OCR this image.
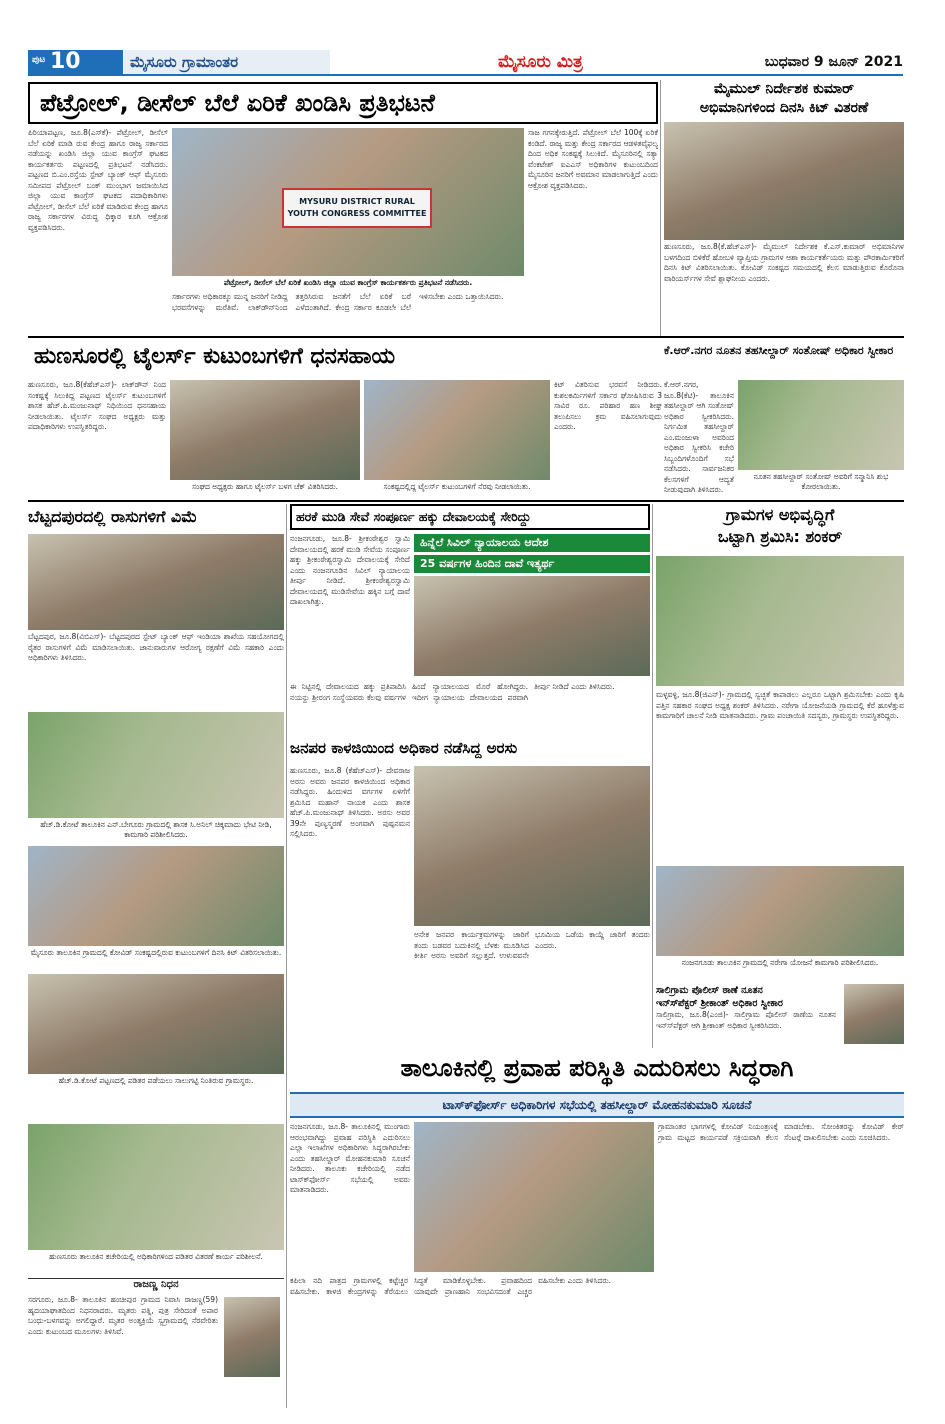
ಪುಟ 10	ಮೈಸೂರು ಗ್ರಾಮಾಂತರ	ಮೈಸೂರು ಮಿತ್ರ	ಬುಧವಾರ 9 ಜೂನ್ 2021
ಪೆಟ್ರೋಲ್, ಡೀಸೆಲ್ ಬೆಲೆ ಏರಿಕೆ ಖಂಡಿಸಿ ಪ್ರತಿಭಟನೆ
ಪಿರಿಯಾಪಟ್ಟಣ, ಜೂ.8(ಎಸ್‍ಕೆ)- ಪೆಟ್ರೋಲ್, ಡೀಸೆಲ್ ಬೆಲೆ ಏರಿಕೆ ಮಾಡಿ ರುವ ಕೇಂದ್ರ ಹಾಗೂ ರಾಜ್ಯ ಸರ್ಕಾರದ ನಡೆಯನ್ನು ಖಂಡಿಸಿ ಜಿಲ್ಲಾ ಯುವ ಕಾಂಗ್ರೆಸ್ ಘಟಕದ ಕಾರ್ಯಕರ್ತರು ಪಟ್ಟಣದಲ್ಲಿ ಪ್ರತಿಭಟನೆ ನಡೆಸಿದರು. ಪಟ್ಟಣದ ಬಿ.ಎಂ.ರಸ್ತೆಯ ಸ್ಟೇಟ್ ಬ್ಯಾಂಕ್ ಆಫ್ ಮೈಸೂರು ಸಮೀಪದ ಪೆಟ್ರೋಲ್ ಬಂಕ್ ಮುಂಭಾಗ ಜಮಾಯಿಸಿದ ಜಿಲ್ಲಾ ಯುವ ಕಾಂಗ್ರೆಸ್ ಘಟಕದ ಪದಾಧಿಕಾರಿಗಳು ಪೆಟ್ರೋಲ್, ಡೀಸೆಲ್ ಬೆಲೆ ಏರಿಕೆ ಮಾಡಿರುವ ಕೇಂದ್ರ ಹಾಗೂ ರಾಜ್ಯ ಸರ್ಕಾರಗಳ ವಿರುದ್ಧ ಧಿಕ್ಕಾರ ಕೂಗಿ ಆಕ್ರೋಶ ವ್ಯಕ್ತಪಡಿಸಿದರು.
MYSURU DISTRICT RURAL YOUTH CONGRESS COMMITTEE
ಪೆಟ್ರೋಲ್, ಡೀಸೆಲ್ ಬೆಲೆ ಏರಿಕೆ ಖಂಡಿಸಿ ಜಿಲ್ಲಾ ಯುವ ಕಾಂಗ್ರೆಸ್ ಕಾರ್ಯಕರ್ತರು ಪ್ರತಿಭಟನೆ ನಡೆಸಿದರು.
ಸಾಜ ಗಗನಕ್ಕೇರುತ್ತಿದೆ. ಪೆಟ್ರೋಲ್ ಬೆಲೆ 100ಕ್ಕೆ ಏರಿಕೆ ಕಂಡಿದೆ. ರಾಜ್ಯ ಮತ್ತು ಕೇಂದ್ರ ಸರ್ಕಾರದ ಆಡಳಿತವೈಫಲ್ಯ ದಿಂದ ಅಧಿಕ ಸಂಕಷ್ಟಕ್ಕೆ ಸಿಲುಕಿದೆ. ಮೈಸೂರಿನಲ್ಲಿ ಸತ್ಯಾ ವೆಂಕಟೇಶ್ ಐಎಎಸ್ ಅಧಿಕಾರಿಗಳ ಕುಟುಂಬದಿಂದ ಮೈಸೂರಿನ ಜನರಿಗೆ ಅವಮಾನ ಮಾಡಲಾಗುತ್ತಿದೆ ಎಂದು ಆಕ್ರೋಶ ವ್ಯಕ್ತಪಡಿಸಿದರು.
ಸರ್ಕಾರಗಳು ಅಧಿಕಾರಕ್ಕೂ ಮುನ್ನ ಜನರಿಗೆ ನೀಡಿದ್ದ ಭರವಸೆಗಳನ್ನು ಮರೆತಿವೆ. ಲಾಕ್‍ಡೌನ್‍ನಿಂದ ತತ್ತರಿಸಿರುವ ಜನತೆಗೆ ಬೆಲೆ ಏರಿಕೆ ಬರೆ ಎಳೆದಂತಾಗಿದೆ. ಕೇಂದ್ರ ಸರ್ಕಾರ ಕೂಡಲೇ ಬೆಲೆ ಇಳಿಸಬೇಕು ಎಂದು ಒತ್ತಾಯಿಸಿದರು.
ಮೈಮುಲ್ ನಿರ್ದೇಶಕ ಕುಮಾರ್
ಅಭಿಮಾನಿಗಳಿಂದ ದಿನಸಿ ಕಿಟ್ ವಿತರಣೆ
ಹುಣಸೂರು, ಜೂ.8(ಕೆ.ಹೆಚ್‍ಎಸ್)- ಮೈಮುಲ್ ನಿರ್ದೇಶಕ ಕೆ.ಎಸ್.ಕುಮಾರ್ ಅಭಿಮಾನಿಗಳ ಬಳಗದಿಂದ ಬಿಳಿಕೆರೆ ಹೋಬಳಿ ವ್ಯಾಪ್ತಿಯ ಗ್ರಾಮಗಳ ಆಶಾ ಕಾರ್ಯಕರ್ತೆಯರು ಮತ್ತು ಪೌರಕಾರ್ಮಿಕರಿಗೆ ದಿನಸಿ ಕಿಟ್ ವಿತರಿಸಲಾಯಿತು. ಕೋವಿಡ್ ಸಂಕಷ್ಟದ ಸಮಯದಲ್ಲಿ ಕೆಲಸ ಮಾಡುತ್ತಿರುವ ಕೊರೊನಾ ವಾರಿಯರ್ಸ್‍ಗಳ ಸೇವೆ ಶ್ಲಾಘನೀಯ ಎಂದರು.
ಹುಣಸೂರಲ್ಲಿ ಟೈಲರ್ಸ್ ಕುಟುಂಬಗಳಿಗೆ ಧನಸಹಾಯ
ಹುಣಸೂರು, ಜೂ.8(ಕೆಹೆಚ್‍ಎಸ್)- ಲಾಕ್‍ಡೌನ್ ನಿಂದ ಸಂಕಷ್ಟಕ್ಕೆ ಸಿಲುಕಿದ್ದ ಪಟ್ಟಣದ ಟೈಲರ್ಸ್ ಕುಟುಂಬಗಳಿಗೆ ಶಾಸಕ ಹೆಚ್.ಪಿ.ಮಂಜುನಾಥ್ ನಿಧಿಯಿಂದ ಧನಸಹಾಯ ನೀಡಲಾಯಿತು. ಟೈಲರ್ಸ್ ಸಂಘದ ಅಧ್ಯಕ್ಷರು ಮತ್ತು ಪದಾಧಿಕಾರಿಗಳು ಉಪಸ್ಥಿತರಿದ್ದರು.
ಸಂಘದ ಅಧ್ಯಕ್ಷರು ಹಾಗೂ ಟೈಲರ್ಸ್ ಬಳಗ ಚೆಕ್ ವಿತರಿಸಿದರು.	ಸಂಕಷ್ಟದಲ್ಲಿದ್ದ ಟೈಲರ್ಸ್ ಕುಟುಂಬಗಳಿಗೆ ನೆರವು ನೀಡಲಾಯಿತು.
ಕಿಟ್ ವಿತರಿಸುವ ಭರವಸೆ ನೀಡಿದರು. ಕುಶಲಕರ್ಮಿಗಳಿಗೆ ಸರ್ಕಾರ ಘೋಷಿಸಿರುವ 3 ಸಾವಿರ ರೂ. ಪರಿಹಾರ ಹಣ ಶೀಘ್ರ ತಲುಪಿಸಲು ಕ್ರಮ ವಹಿಸಲಾಗುವುದು ಎಂದರು.
ಕೆ.ಆರ್.ನಗರ ನೂತನ ತಹಸೀಲ್ದಾರ್ ಸಂತೋಷ್ ಅಧಿಕಾರ ಸ್ವೀಕಾರ
ಕೆ.ಆರ್.ನಗರ, ಜೂ.8(ಕೆಟಿ)- ತಾಲೂಕಿನ ತಹಸೀಲ್ದಾರ್ ಆಗಿ ಸಂತೋಷ್ ಅಧಿಕಾರ ಸ್ವೀಕರಿಸಿದರು. ನಿರ್ಗಮಿತ ತಹಸೀಲ್ದಾರ್ ಎಂ.ಮಂಜುಳಾ ಅವರಿಂದ ಅಧಿಕಾರ ಸ್ವೀಕರಿಸಿ ಕಚೇರಿ ಸಿಬ್ಬಂದಿಗಳೊಂದಿಗೆ ಸಭೆ ನಡೆಸಿದರು. ಸಾರ್ವಜನಿಕರ ಕೆಲಸಗಳಿಗೆ ಆದ್ಯತೆ ನೀಡುವುದಾಗಿ ತಿಳಿಸಿದರು.
ನೂತನ ತಹಸೀಲ್ದಾರ್ ಸಂತೋಷ್ ಅವರಿಗೆ ಸನ್ಮಾನಿಸಿ ಶುಭ ಕೋರಲಾಯಿತು.
ಬೆಟ್ಟದಪುರದಲ್ಲಿ ರಾಸುಗಳಿಗೆ ವಿಮೆ
ಬೆಟ್ಟದಪುರ, ಜೂ.8(ವಿಬಿಎಸ್)- ಬೆಟ್ಟದಪುರದ ಸ್ಟೇಟ್ ಬ್ಯಾಂಕ್ ಆಫ್ ಇಂಡಿಯಾ ಶಾಖೆಯ ಸಹಯೋಗದಲ್ಲಿ ರೈತರ ರಾಸುಗಳಿಗೆ ವಿಮೆ ಮಾಡಿಸಲಾಯಿತು. ಜಾನುವಾರುಗಳ ಆರೋಗ್ಯ ರಕ್ಷಣೆಗೆ ವಿಮೆ ಸಹಕಾರಿ ಎಂದು ಅಧಿಕಾರಿಗಳು ತಿಳಿಸಿದರು.
ಹೆಚ್.ಡಿ.ಕೋಟೆ ತಾಲೂಕಿನ ಎನ್.ಬೇಗೂರು ಗ್ರಾಮದಲ್ಲಿ ಶಾಸಕ ಸಿ.ಅನಿಲ್ ಚಿಕ್ಕಮಾದು ಭೇಟಿ ನೀಡಿ, ಕಾಮಗಾರಿ ಪರಿಶೀಲಿಸಿದರು.
ಮೈಸೂರು ತಾಲೂಕಿನ ಗ್ರಾಮದಲ್ಲಿ ಕೋವಿಡ್ ಸಂಕಷ್ಟದಲ್ಲಿರುವ ಕುಟುಂಬಗಳಿಗೆ ದಿನಸಿ ಕಿಟ್ ವಿತರಿಸಲಾಯಿತು.
ಹೆಚ್.ಡಿ.ಕೋಟೆ ಪಟ್ಟಣದಲ್ಲಿ ಪಡಿತರ ಪಡೆಯಲು ಸಾಲುಗಟ್ಟಿ ನಿಂತಿರುವ ಗ್ರಾಮಸ್ಥರು.
ಹರಕೆ ಮುಡಿ ಸೇವೆ ಸಂಪೂರ್ಣ ಹಕ್ಕು ದೇವಾಲಯಕ್ಕೆ ಸೇರಿದ್ದು
ನಂಜನಗೂಡು, ಜೂ.8- ಶ್ರೀಕಂಠೇಶ್ವರ ಸ್ವಾಮಿ ದೇವಾಲಯದಲ್ಲಿ ಹರಕೆ ಮುಡಿ ಸೇವೆಯ ಸಂಪೂರ್ಣ ಹಕ್ಕು ಶ್ರೀಕಂಠೇಶ್ವರಸ್ವಾಮಿ ದೇವಾಲಯಕ್ಕೆ ಸೇರಿದೆ ಎಂದು ನಂಜನಗೂಡಿನ ಸಿವಿಲ್ ನ್ಯಾಯಾಲಯ ತೀರ್ಪು ನೀಡಿದೆ. ಶ್ರೀಕಂಠೇಶ್ವರಸ್ವಾಮಿ ದೇವಾಲಯದಲ್ಲಿ ಮುಡಿಸೇವೆಯ ಹಕ್ಕಿನ ಬಗ್ಗೆ ದಾವೆ ದಾಖಲಾಗಿತ್ತು.
ಹಿನ್ನೆಲೆ ಸಿವಿಲ್ ನ್ಯಾಯಾಲಯ ಆದೇಶ
25 ವರ್ಷಗಳ ಹಿಂದಿನ ದಾವೆ ಇತ್ಯರ್ಥ
ಈ ನಿಟ್ಟಿನಲ್ಲಿ ದೇವಾಲಯದ ಹಕ್ಕು ಪ್ರತಿಪಾದಿಸಿ ನಯನ್ದು ಶ್ರೀರಂಗ ಸಂಸ್ಥೆಯವರು ಕೆಲವು ವರ್ಷಗಳ ಹಿಂದೆ ನ್ಯಾಯಾಲಯದ ಮೊರೆ ಹೋಗಿದ್ದರು. ಇದೀಗ ನ್ಯಾಯಾಲಯ ದೇವಾಲಯದ ಪರವಾಗಿ ತೀರ್ಪು ನೀಡಿದೆ ಎಂದು ತಿಳಿಸಿದರು.
ಗ್ರಾಮಗಳ ಅಭಿವೃದ್ಧಿಗೆ
ಒಟ್ಟಾಗಿ ಶ್ರಮಿಸಿ: ಶಂಕರ್
ಮಳ್ಳವಳ್ಳಿ, ಜೂ.8(ಜಿಎನ್)- ಗ್ರಾಮದಲ್ಲಿ ಸ್ವಚ್ಛತೆ ಕಾಪಾಡಲು ಎಲ್ಲರೂ ಒಟ್ಟಾಗಿ ಶ್ರಮಿಸಬೇಕು ಎಂದು ಕೃಷಿ ಪತ್ತಿನ ಸಹಕಾರ ಸಂಘದ ಅಧ್ಯಕ್ಷ ಶಂಕರ್ ತಿಳಿಸಿದರು. ನರೇಗಾ ಯೋಜನೆಯಡಿ ಗ್ರಾಮದಲ್ಲಿ ಕೆರೆ ಹೂಳೆತ್ತುವ ಕಾಮಗಾರಿಗೆ ಚಾಲನೆ ನೀಡಿ ಮಾತನಾಡಿದರು. ಗ್ರಾಮ ಪಂಚಾಯಿತಿ ಸದಸ್ಯರು, ಗ್ರಾಮಸ್ಥರು ಉಪಸ್ಥಿತರಿದ್ದರು.
ನಂಜನಗೂಡು ತಾಲೂಕಿನ ಗ್ರಾಮದಲ್ಲಿ ನರೇಗಾ ಯೋಜನೆ ಕಾಮಗಾರಿ ಪರಿಶೀಲಿಸಿದರು.
ಜನಪರ ಕಾಳಜಿಯಿಂದ ಅಧಿಕಾರ ನಡೆಸಿದ್ದ ಅರಸು
ಹುಣಸೂರು, ಜೂ.8 (ಕೆಹೆಚ್‍ಎಸ್)- ದೇವರಾಜ ಅರಸು ಅವರು ಜನಪರ ಕಾಳಜಿಯಿಂದ ಅಧಿಕಾರ ನಡೆಸಿದ್ದರು. ಹಿಂದುಳಿದ ವರ್ಗಗಳ ಏಳಿಗೆಗೆ ಶ್ರಮಿಸಿದ ಮಹಾನ್ ನಾಯಕ ಎಂದು ಶಾಸಕ ಹೆಚ್.ಪಿ.ಮಂಜುನಾಥ್ ತಿಳಿಸಿದರು. ಅರಸು ಅವರ 39ನೇ ಪುಣ್ಯಸ್ಮರಣೆ ಅಂಗವಾಗಿ ಪುಷ್ಪನಮನ ಸಲ್ಲಿಸಿದರು.
ಅನೇಕ ಜನಪರ ಕಾರ್ಯಕ್ರಮಗಳನ್ನು ಜಾರಿಗೆ ತಂದು ಬಡವರ ಬದುಕಿನಲ್ಲಿ ಬೆಳಕು ಮೂಡಿಸಿದ ಕೀರ್ತಿ ಅರಸು ಅವರಿಗೆ ಸಲ್ಲುತ್ತದೆ. ಉಳುವವನೇ ಭೂಮಿಯ ಒಡೆಯ ಕಾಯ್ದೆ ಜಾರಿಗೆ ತಂದರು ಎಂದರು.
ಸಾಲಿಗ್ರಾಮ ಪೊಲೀಸ್ ಠಾಣೆ ನೂತನ
ಇನ್ಸ್‍ಪೆಕ್ಟರ್ ಶ್ರೀಕಾಂತ್ ಅಧಿಕಾರ ಸ್ವೀಕಾರ
ಸಾಲಿಗ್ರಾಮ, ಜೂ.8(ಎಂಜಿ)- ಸಾಲಿಗ್ರಾಮ ಪೊಲೀಸ್ ಠಾಣೆಯ ನೂತನ ಇನ್ಸ್‍ಪೆಕ್ಟರ್ ಆಗಿ ಶ್ರೀಕಾಂತ್ ಅಧಿಕಾರ ಸ್ವೀಕರಿಸಿದರು.
ತಾಲೂಕಿನಲ್ಲಿ ಪ್ರವಾಹ ಪರಿಸ್ಥಿತಿ ಎದುರಿಸಲು ಸಿದ್ಧರಾಗಿ
ಟಾಸ್ಕ್‍ಫೋರ್ಸ್ ಅಧಿಕಾರಿಗಳ ಸಭೆಯಲ್ಲಿ ತಹಸೀಲ್ದಾರ್ ಮೋಹನಕುಮಾರಿ ಸೂಚನೆ
ನಂಜನಗೂಡು, ಜೂ.8- ತಾಲೂಕಿನಲ್ಲಿ ಮುಂಗಾರು ಆರಂಭವಾಗಿದ್ದು ಪ್ರವಾಹ ಪರಿಸ್ಥಿತಿ ಎದುರಿಸಲು ಎಲ್ಲಾ ಇಲಾಖೆಗಳ ಅಧಿಕಾರಿಗಳು ಸಿದ್ಧರಾಗಿರಬೇಕು ಎಂದು ತಹಸೀಲ್ದಾರ್ ಮೋಹನಕುಮಾರಿ ಸೂಚನೆ ನೀಡಿದರು. ತಾಲೂಕು ಕಚೇರಿಯಲ್ಲಿ ನಡೆದ ಟಾಸ್ಕ್‍ಫೋರ್ಸ್ ಸಭೆಯಲ್ಲಿ ಅವರು ಮಾತನಾಡಿದರು.
ಗ್ರಾಮಾಂತರ ಭಾಗಗಳಲ್ಲಿ ಕೋವಿಡ್ ನಿಯಂತ್ರಣಕ್ಕೆ ಗ್ರಾಮ ಮಟ್ಟದ ಕಾರ್ಯಪಡೆ ಸಕ್ರಿಯವಾಗಿ ಕೆಲಸ ಮಾಡಬೇಕು. ಸೋಂಕಿತರನ್ನು ಕೋವಿಡ್ ಕೇರ್ ಸೆಂಟರ್‍ಗೆ ದಾಖಲಿಸಬೇಕು ಎಂದು ಸೂಚಿಸಿದರು.
ಕಪಿಲಾ ನದಿ ಪಾತ್ರದ ಗ್ರಾಮಗಳಲ್ಲಿ ಕಟ್ಟೆಚ್ಚರ ವಹಿಸಬೇಕು. ಕಾಳಜಿ ಕೇಂದ್ರಗಳನ್ನು ತೆರೆಯಲು ಸಿದ್ಧತೆ ಮಾಡಿಕೊಳ್ಳಬೇಕು. ಪ್ರವಾಹದಿಂದ ಯಾವುದೇ ಪ್ರಾಣಹಾನಿ ಸಂಭವಿಸದಂತೆ ಎಚ್ಚರ ವಹಿಸಬೇಕು ಎಂದು ತಿಳಿಸಿದರು.
ಹುಣಸೂರು ತಾಲೂಕಿನ ಕಚೇರಿಯಲ್ಲಿ ಅಧಿಕಾರಿಗಳಿಂದ ಪಡಿತರ ವಿತರಣೆ ಕಾರ್ಯ ಪರಿಶೀಲನೆ.
ರಾಜಣ್ಣ ನಿಧನ
ಸರಗೂರು, ಜೂ.8- ತಾಲೂಕಿನ ಹಂಚೀಪುರ ಗ್ರಾಮದ ನಿವಾಸಿ ರಾಜಣ್ಣ(59) ಹೃದಯಾಘಾತದಿಂದ ನಿಧನರಾದರು. ಮೃತರು ಪತ್ನಿ, ಪುತ್ರ ಸೇರಿದಂತೆ ಅಪಾರ ಬಂಧು-ಬಳಗವನ್ನು ಅಗಲಿದ್ದಾರೆ. ಮೃತರ ಅಂತ್ಯಕ್ರಿಯೆ ಸ್ವಗ್ರಾಮದಲ್ಲಿ ನೆರವೇರಿತು ಎಂದು ಕುಟುಂಬದ ಮೂಲಗಳು ತಿಳಿಸಿವೆ.
